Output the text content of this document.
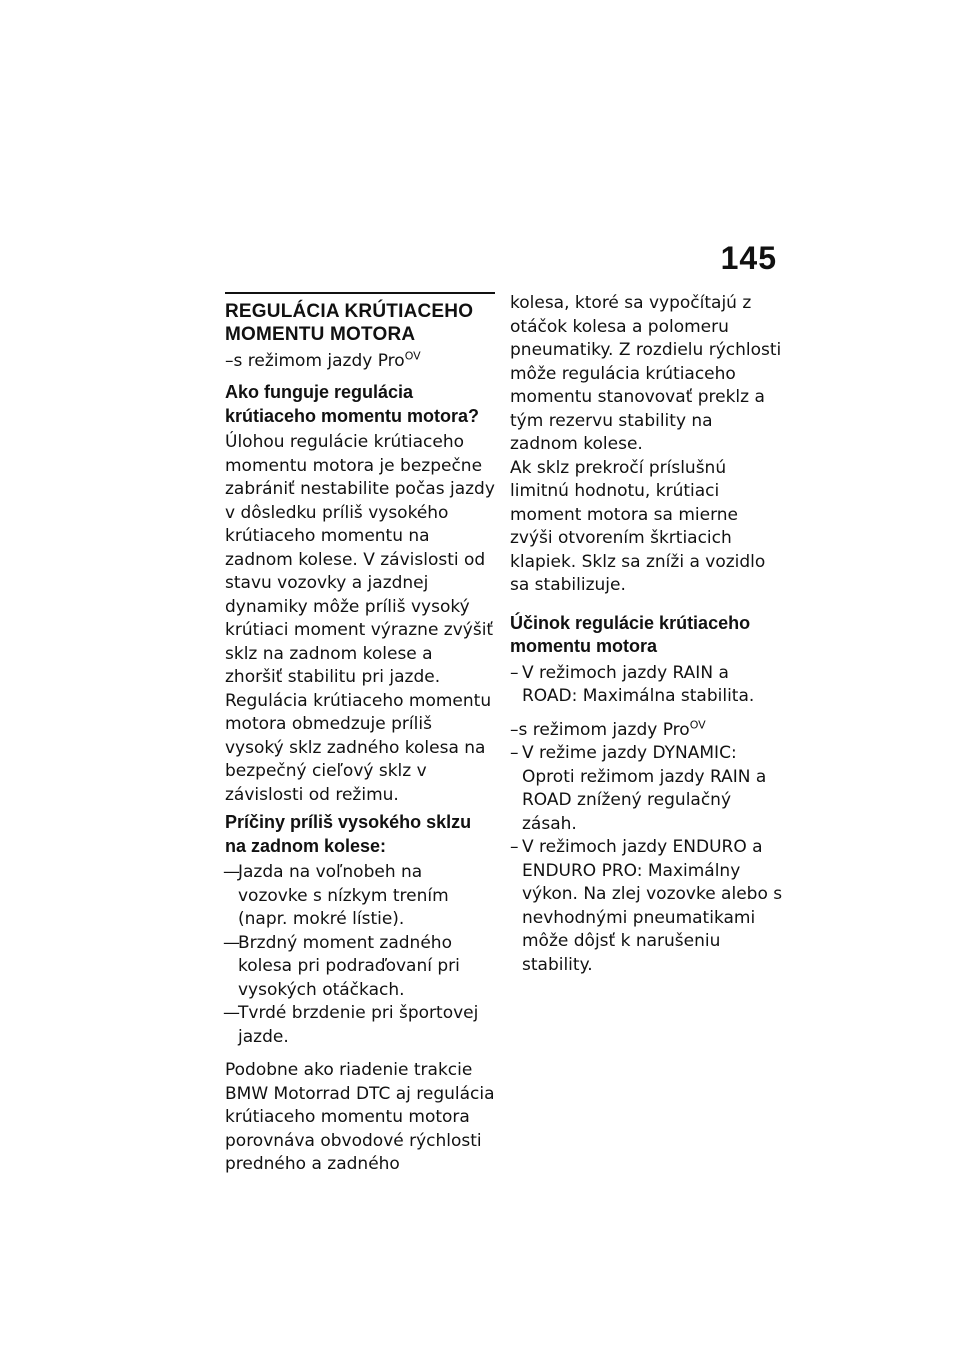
145
REGULÁCIA KRÚTIACEHO MOMENTU MOTORA

–s režimom jazdy Pro$^{OV}$

Ako funguje regulácia krútiaceho momentu motora?

Úlohou regulácie krútiaceho momentu motora je bezpečne zabrániť nestabilite počas jazdy v dôsledku príliš vysokého krútiaceho momentu na zadnom kolese. V závislosti od stavu vozovky a jazdnej dynamiky môže príliš vysoký krútiaci moment výrazne zvýšiť sklz na zadnom kolese a zhoršiť stabilitu pri jazde. Regulácia krútiaceho momentu motora obmedzuje príliš vysoký sklz zadného kolesa na bezpečný cieľový sklz v závislosti od režimu.

Príčiny príliš vysokého sklzu na zadnom kolese:
— Jazda na voľnobeh na vozovke s nízkym trením (napr. mokré lístie).
— Brzdný moment zadného kolesa pri podraďovaní pri vysokých otáčkach.
— Tvrdé brzdenie pri športovej jazde.

Podobne ako riadenie trakcie BMW Motorrad DTC aj regulácia krútiaceho momentu motora porovnáva obvodové rýchlosti predného a zadného

kolesa, ktoré sa vypočítajú z otáčok kolesa a polomeru pneumatiky. Z rozdielu rýchlosti môže regulácia krútiaceho momentu stanovovať preklz a tým rezervu stability na zadnom kolese.

Ak sklz prekročí príslušnú limitnú hodnotu, krútiaci moment motora sa mierne zvýši otvorením škrtiacich klapiek. Sklz sa zníži a vozidlo sa stabilizuje.

Účinok regulácie krútiaceho momentu motora
– V režimoch jazdy RAIN a ROAD: Maximálna stabilita.

–s režimom jazdy Pro$^{OV}$

– V režime jazdy DYNAMIC: Oproti režimom jazdy RAIN a ROAD znížený regulačný zásah.
– V režimoch jazdy ENDURO a ENDURO PRO: Maximálny výkon. Na zlej vozovke alebo s nevhodnými pneumatikami môže dôjsť k narušeniu stability.
